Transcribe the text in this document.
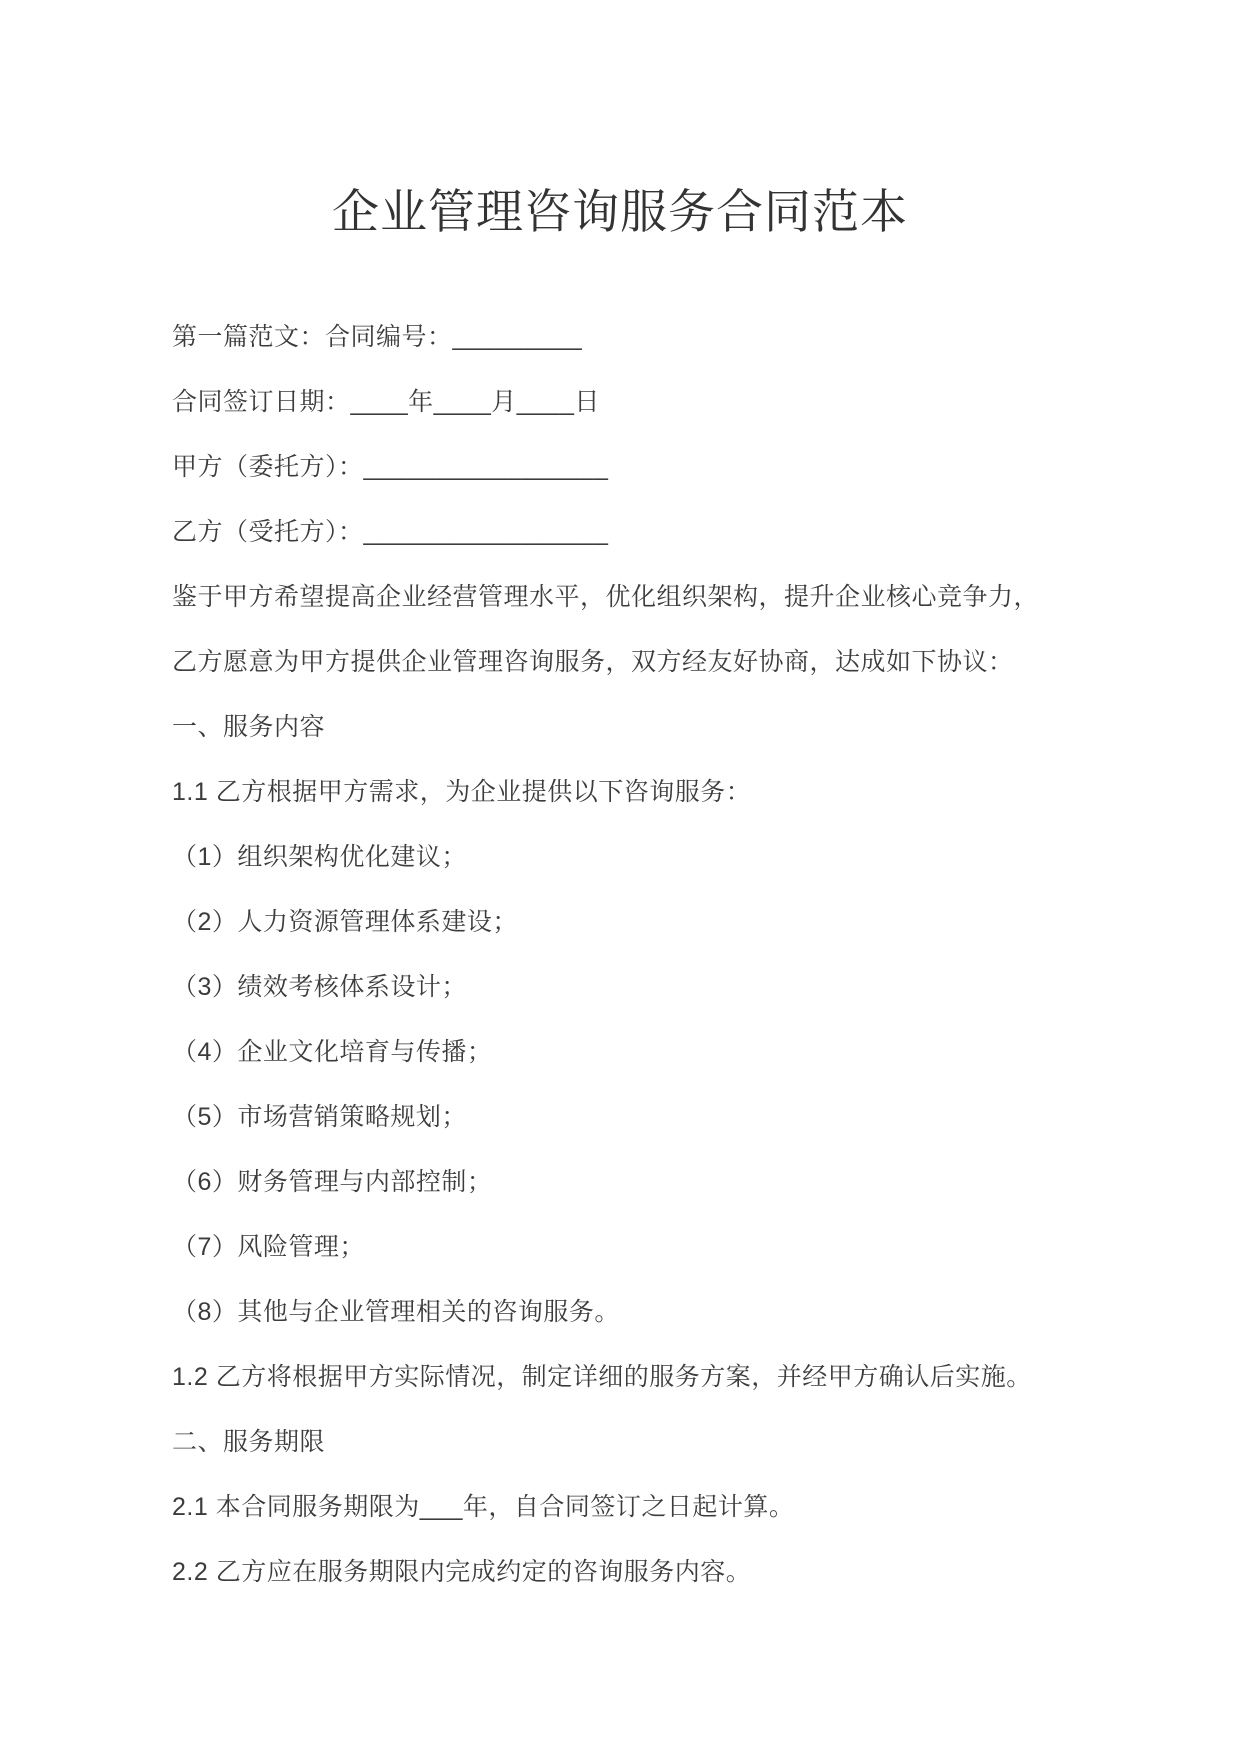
企业管理咨询服务合同范本

第一篇范文：合同编号：_________

合同签订日期：____年____月____日

甲方（委托方）：_________________

乙方（受托方）：_________________

鉴于甲方希望提高企业经营管理水平，优化组织架构，提升企业核心竞争力，

乙方愿意为甲方提供企业管理咨询服务，双方经友好协商，达成如下协议：

一、服务内容

1.1 乙方根据甲方需求，为企业提供以下咨询服务：

（1）组织架构优化建议；

（2）人力资源管理体系建设；

（3）绩效考核体系设计；

（4）企业文化培育与传播；

（5）市场营销策略规划；

（6）财务管理与内部控制；

（7）风险管理；

（8）其他与企业管理相关的咨询服务。

1.2 乙方将根据甲方实际情况，制定详细的服务方案，并经甲方确认后实施。

二、服务期限

2.1 本合同服务期限为___年，自合同签订之日起计算。

2.2 乙方应在服务期限内完成约定的咨询服务内容。
